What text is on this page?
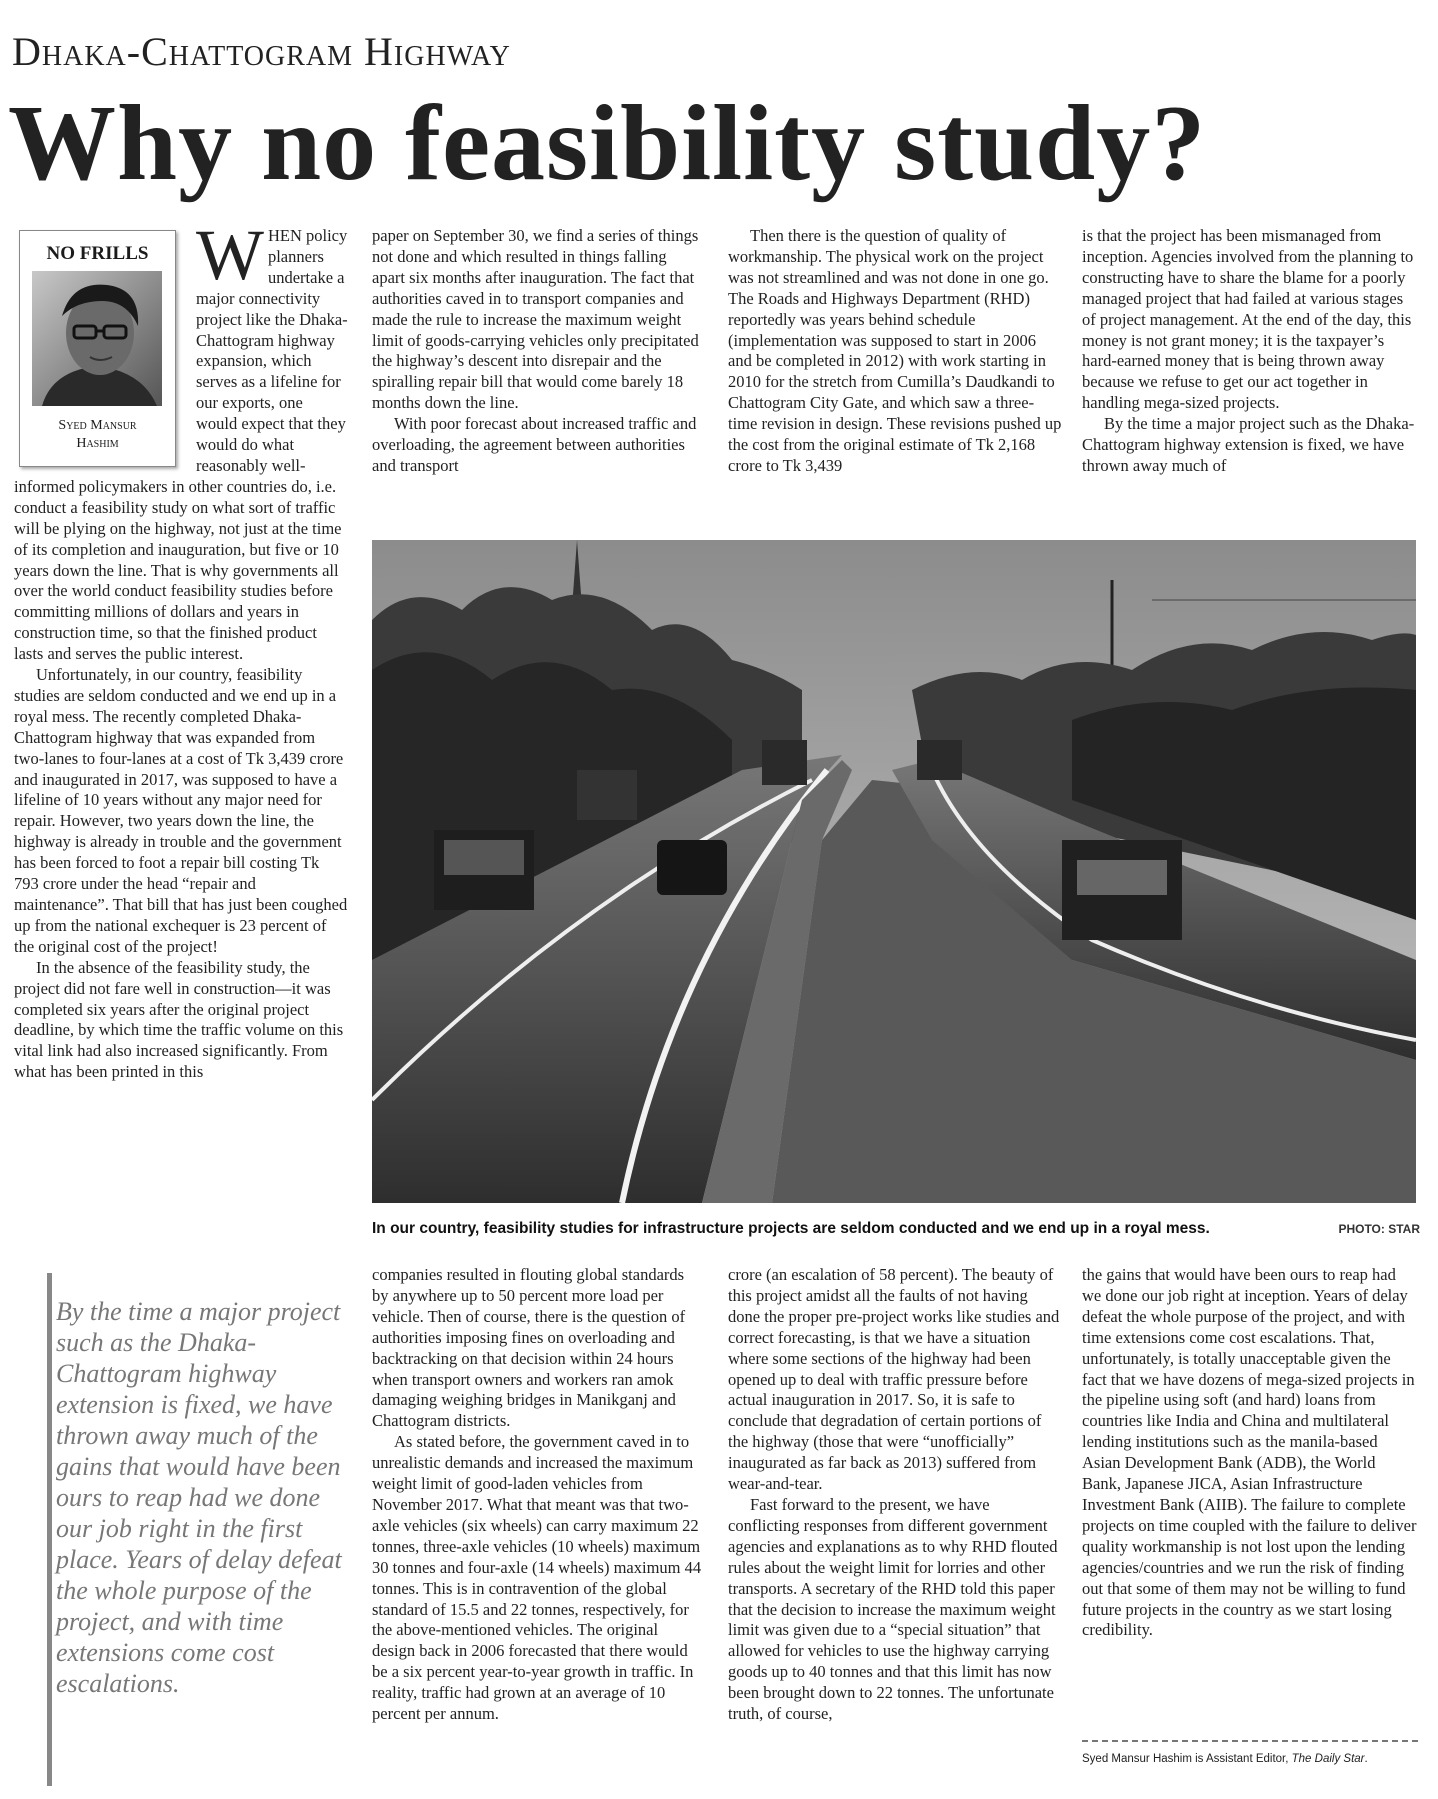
Dhaka-Chattogram Highway
Why no feasibility study?
NO FRILLS
Syed Mansur
Hashim

WHEN policy planners undertake a major connectivity project like the Dhaka-Chattogram highway expansion, which serves as a lifeline for our exports, one would expect that they would do what reasonably well-informed policymakers in other countries do, i.e. conduct a feasibility study on what sort of traffic will be plying on the highway, not just at the time of its completion and inauguration, but five or 10 years down the line. That is why governments all over the world conduct feasibility studies before committing millions of dollars and years in construction time, so that the finished product lasts and serves the public interest.

Unfortunately, in our country, feasibility studies are seldom conducted and we end up in a royal mess. The recently completed Dhaka-Chattogram highway that was expanded from two-lanes to four-lanes at a cost of Tk 3,439 crore and inaugurated in 2017, was supposed to have a lifeline of 10 years without any major need for repair. However, two years down the line, the highway is already in trouble and the government has been forced to foot a repair bill costing Tk 793 crore under the head “repair and maintenance”. That bill that has just been coughed up from the national exchequer is 23 percent of the original cost of the project!

In the absence of the feasibility study, the project did not fare well in construction—it was completed six years after the original project deadline, by which time the traffic volume on this vital link had also increased significantly. From what has been printed in this

paper on September 30, we find a series of things not done and which resulted in things falling apart six months after inauguration. The fact that authorities caved in to transport companies and made the rule to increase the maximum weight limit of goods-carrying vehicles only precipitated the highway’s descent into disrepair and the spiralling repair bill that would come barely 18 months down the line.

With poor forecast about increased traffic and overloading, the agreement between authorities and transport

Then there is the question of quality of workmanship. The physical work on the project was not streamlined and was not done in one go. The Roads and Highways Department (RHD) reportedly was years behind schedule (implementation was supposed to start in 2006 and be completed in 2012) with work starting in 2010 for the stretch from Cumilla’s Daudkandi to Chattogram City Gate, and which saw a three-time revision in design. These revisions pushed up the cost from the original estimate of Tk 2,168 crore to Tk 3,439

is that the project has been mismanaged from inception. Agencies involved from the planning to constructing have to share the blame for a poorly managed project that had failed at various stages of project management. At the end of the day, this money is not grant money; it is the taxpayer’s hard-earned money that is being thrown away because we refuse to get our act together in handling mega-sized projects.

By the time a major project such as the Dhaka-Chattogram highway extension is fixed, we have thrown away much of

In our country, feasibility studies for infrastructure projects are seldom conducted and we end up in a royal mess.	PHOTO: STAR
By the time a major project such as the Dhaka-Chattogram highway extension is fixed, we have thrown away much of the gains that would have been ours to reap had we done our job right in the first place. Years of delay defeat the whole purpose of the project, and with time extensions come cost escalations.

companies resulted in flouting global standards by anywhere up to 50 percent more load per vehicle. Then of course, there is the question of authorities imposing fines on overloading and backtracking on that decision within 24 hours when transport owners and workers ran amok damaging weighing bridges in Manikganj and Chattogram districts.

As stated before, the government caved in to unrealistic demands and increased the maximum weight limit of good-laden vehicles from November 2017. What that meant was that two-axle vehicles (six wheels) can carry maximum 22 tonnes, three-axle vehicles (10 wheels) maximum 30 tonnes and four-axle (14 wheels) maximum 44 tonnes. This is in contravention of the global standard of 15.5 and 22 tonnes, respectively, for the above-mentioned vehicles. The original design back in 2006 forecasted that there would be a six percent year-to-year growth in traffic. In reality, traffic had grown at an average of 10 percent per annum.

crore (an escalation of 58 percent). The beauty of this project amidst all the faults of not having done the proper pre-project works like studies and correct forecasting, is that we have a situation where some sections of the highway had been opened up to deal with traffic pressure before actual inauguration in 2017. So, it is safe to conclude that degradation of certain portions of the highway (those that were “unofficially” inaugurated as far back as 2013) suffered from wear-and-tear.

Fast forward to the present, we have conflicting responses from different government agencies and explanations as to why RHD flouted rules about the weight limit for lorries and other transports. A secretary of the RHD told this paper that the decision to increase the maximum weight limit was given due to a “special situation” that allowed for vehicles to use the highway carrying goods up to 40 tonnes and that this limit has now been brought down to 22 tonnes. The unfortunate truth, of course,

the gains that would have been ours to reap had we done our job right at inception. Years of delay defeat the whole purpose of the project, and with time extensions come cost escalations. That, unfortunately, is totally unacceptable given the fact that we have dozens of mega-sized projects in the pipeline using soft (and hard) loans from countries like India and China and multilateral lending institutions such as the manila-based Asian Development Bank (ADB), the World Bank, Japanese JICA, Asian Infrastructure Investment Bank (AIIB). The failure to complete projects on time coupled with the failure to deliver quality workmanship is not lost upon the lending agencies/countries and we run the risk of finding out that some of them may not be willing to fund future projects in the country as we start losing credibility.

Syed Mansur Hashim is Assistant Editor, The Daily Star.
